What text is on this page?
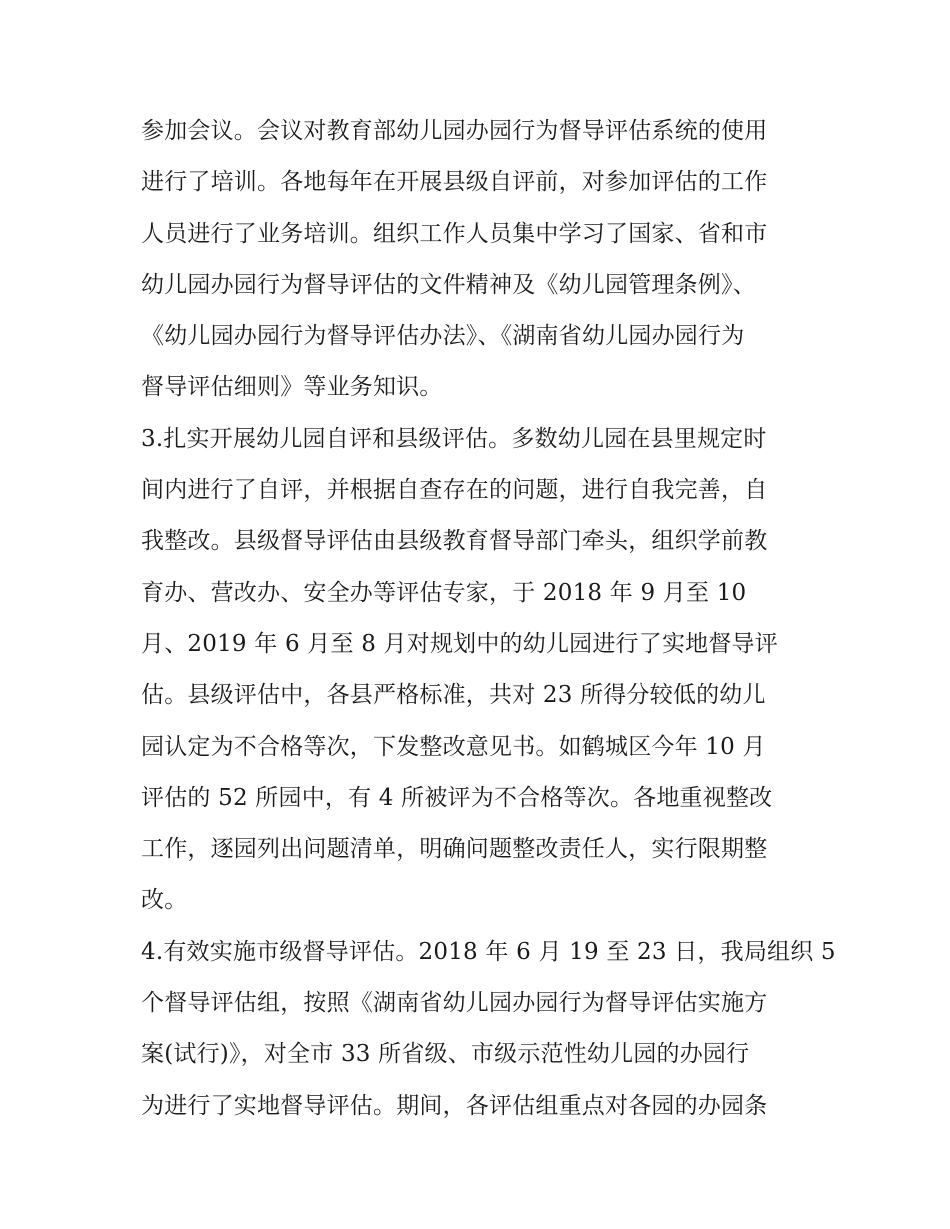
参加会议。会议对教育部幼儿园办园行为督导评估系统的使用
进行了培训。各地每年在开展县级自评前，对参加评估的工作
人员进行了业务培训。组织工作人员集中学习了国家、省和市
幼儿园办园行为督导评估的文件精神及《幼儿园管理条例》、
《幼儿园办园行为督导评估办法》、《湖南省幼儿园办园行为
督导评估细则》等业务知识。
3.扎实开展幼儿园自评和县级评估。多数幼儿园在县里规定时
间内进行了自评，并根据自查存在的问题，进行自我完善，自
我整改。县级督导评估由县级教育督导部门牵头，组织学前教
育办、营改办、安全办等评估专家，于 2018 年 9 月至 10
月、2019 年 6 月至 8 月对规划中的幼儿园进行了实地督导评
估。县级评估中，各县严格标准，共对 23 所得分较低的幼儿
园认定为不合格等次，下发整改意见书。如鹤城区今年 10 月
评估的 52 所园中，有 4 所被评为不合格等次。各地重视整改
工作，逐园列出问题清单，明确问题整改责任人，实行限期整
改。
4.有效实施市级督导评估。2018 年 6 月 19 至 23 日，我局组织 5
个督导评估组，按照《湖南省幼儿园办园行为督导评估实施方
案(试行)》，对全市 33 所省级、市级示范性幼儿园的办园行
为进行了实地督导评估。期间，各评估组重点对各园的办园条
